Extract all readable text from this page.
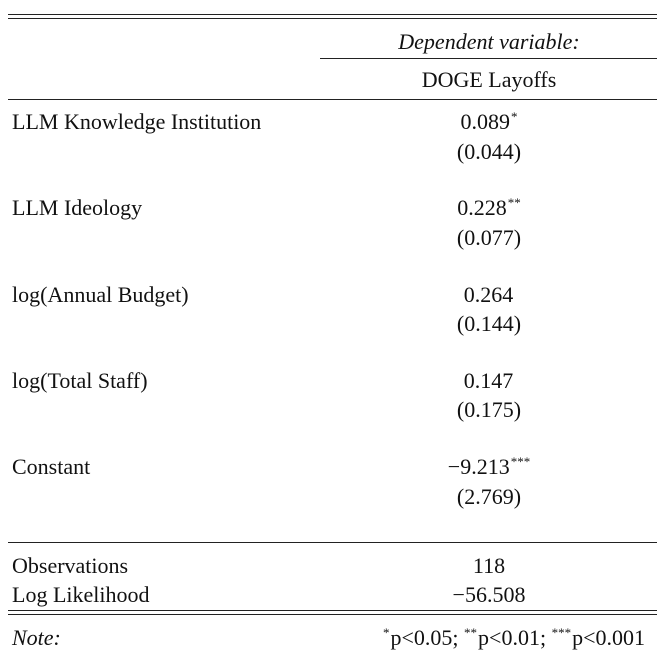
Dependent variable:
DOGE Layoffs
LLM Knowledge Institution	0.089*
(0.044)
LLM Ideology	0.228**
(0.077)
log(Annual Budget)	0.264
(0.144)
log(Total Staff)	0.147
(0.175)
Constant	−9.213***
(2.769)
Observations	118
Log Likelihood	−56.508
Note:	*p<0.05; **p<0.01; ***p<0.001
